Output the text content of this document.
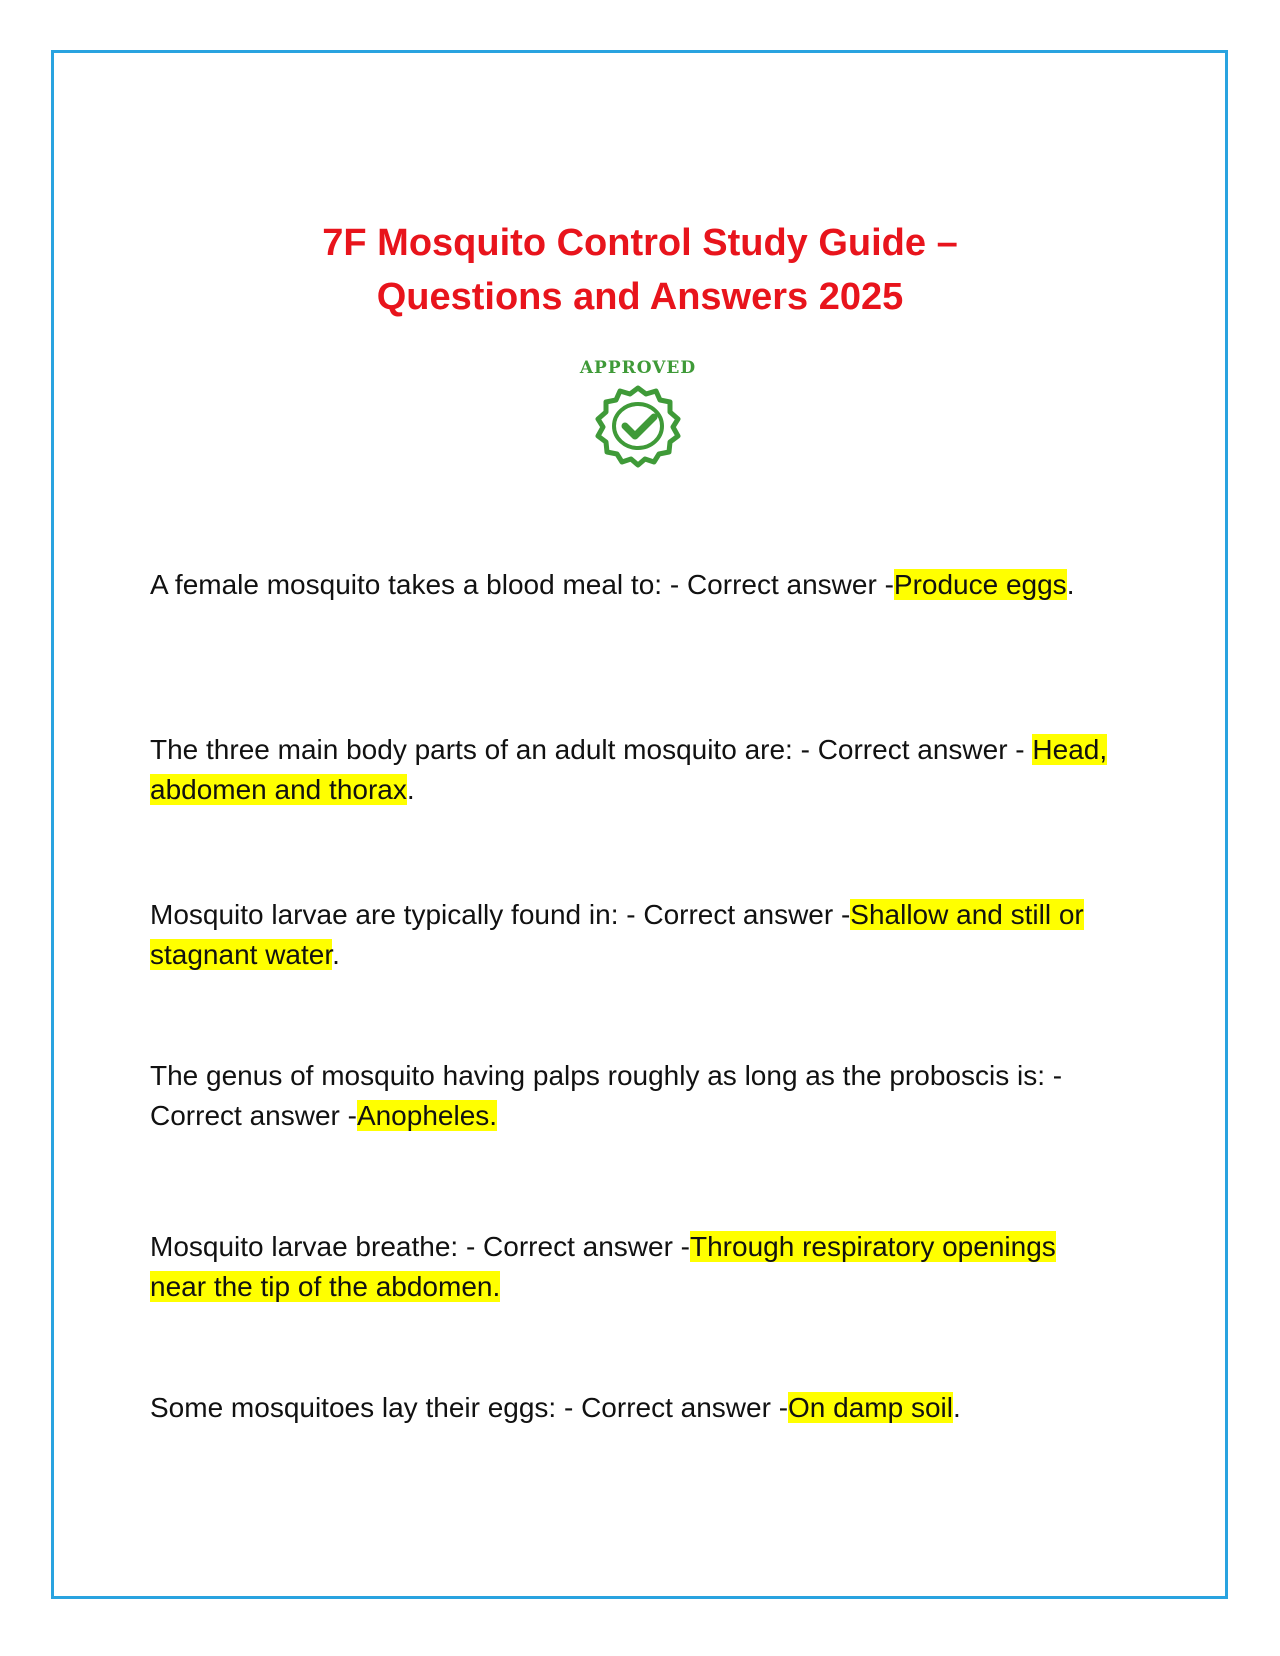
7F Mosquito Control Study Guide –
Questions and Answers 2025
APPROVED

A female mosquito takes a blood meal to: - Correct answer -Produce eggs.

The three main body parts of an adult mosquito are: - Correct answer - Head, abdomen and thorax.

Mosquito larvae are typically found in: - Correct answer -Shallow and still or stagnant water.

The genus of mosquito having palps roughly as long as the proboscis is: - Correct answer -Anopheles.

Mosquito larvae breathe: - Correct answer -Through respiratory openings near the tip of the abdomen.

Some mosquitoes lay their eggs: - Correct answer -On damp soil.
